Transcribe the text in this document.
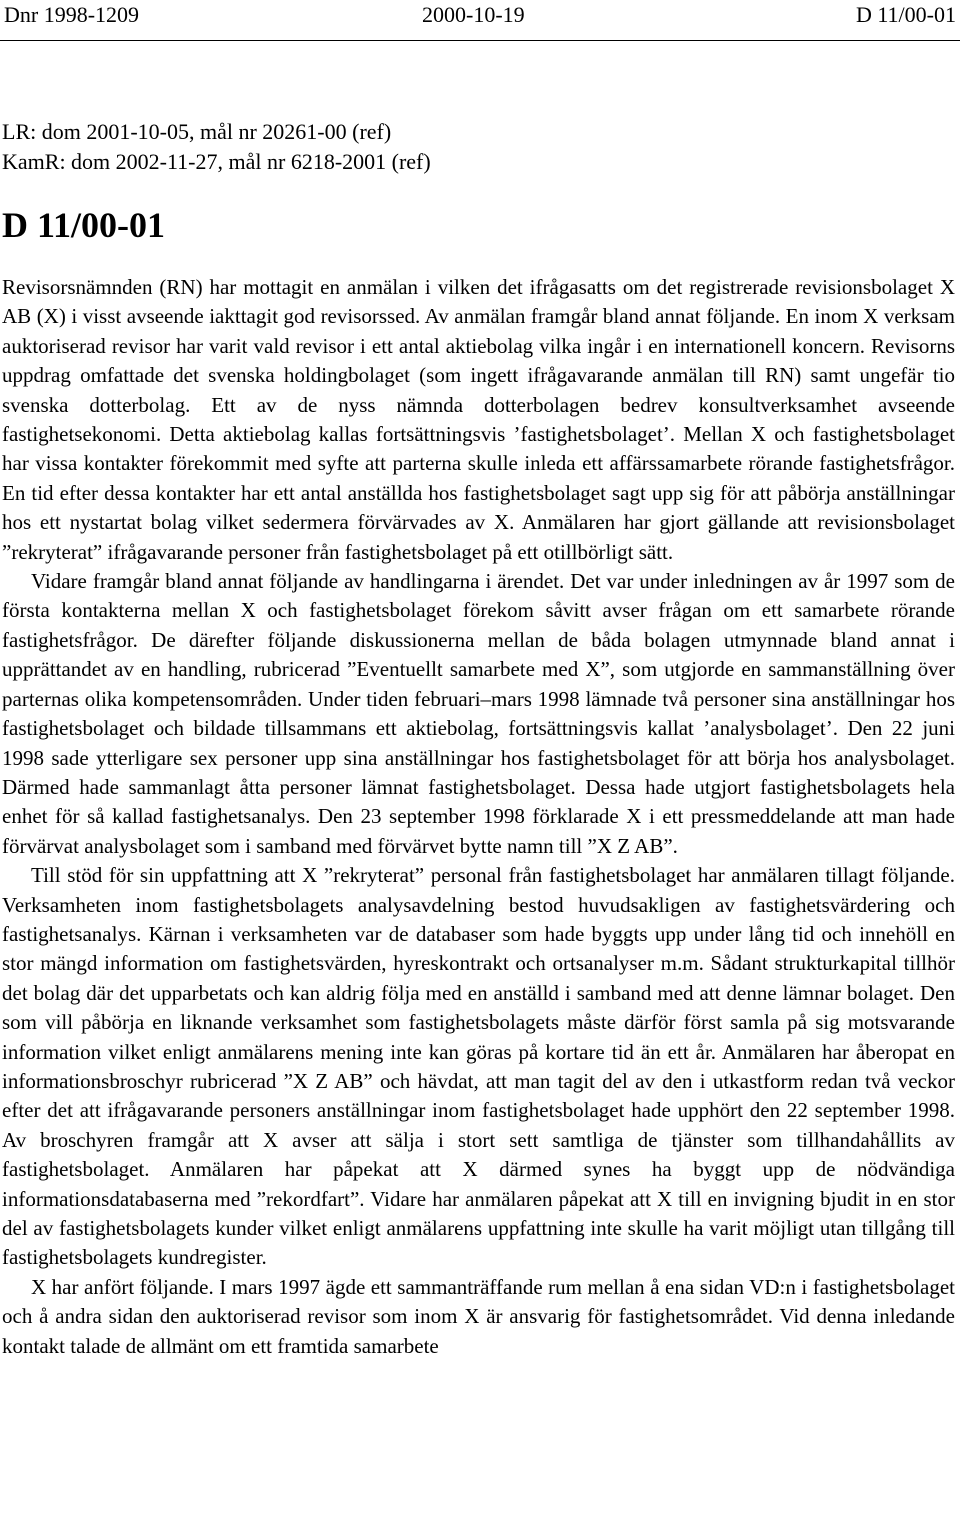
Dnr 1998-1209	2000-10-19	D 11/00-01
LR: dom 2001-10-05, mål nr 20261-00 (ref)
KamR: dom 2002-11-27, mål nr 6218-2001 (ref)
D 11/00-01

Revisorsnämnden (RN) har mottagit en anmälan i vilken det ifrågasatts om det registrerade revisionsbolaget X AB (X) i visst avseende iakttagit god revisorssed. Av anmälan framgår bland annat följande. En inom X verksam auktoriserad revisor har varit vald revisor i ett antal aktiebolag vilka ingår i en internationell koncern. Revisorns uppdrag omfattade det svenska holdingbolaget (som ingett ifrågavarande anmälan till RN) samt ungefär tio svenska dotterbolag. Ett av de nyss nämnda dotterbolagen bedrev konsultverksamhet avseende fastighetsekonomi. Detta aktiebolag kallas fortsättningsvis ’fastighetsbolaget’. Mellan X och fastighetsbolaget har vissa kontakter förekommit med syfte att parterna skulle inleda ett affärssamarbete rörande fastighetsfrågor. En tid efter dessa kontakter har ett antal anställda hos fastighetsbolaget sagt upp sig för att påbörja anställningar hos ett nystartat bolag vilket sedermera förvärvades av X. Anmälaren har gjort gällande att revisionsbolaget ”rekryterat” ifrågavarande personer från fastighetsbolaget på ett otillbörligt sätt.

Vidare framgår bland annat följande av handlingarna i ärendet. Det var under inledningen av år 1997 som de första kontakterna mellan X och fastighetsbolaget förekom såvitt avser frågan om ett samarbete rörande fastighetsfrågor. De därefter följande diskussionerna mellan de båda bolagen utmynnade bland annat i upprättandet av en handling, rubricerad ”Eventuellt samarbete med X”, som utgjorde en sammanställning över parternas olika kompetensområden. Under tiden februari–mars 1998 lämnade två personer sina anställningar hos fastighetsbolaget och bildade tillsammans ett aktiebolag, fortsättningsvis kallat ’analysbolaget’. Den 22 juni 1998 sade ytterligare sex personer upp sina anställningar hos fastighetsbolaget för att börja hos analysbolaget. Därmed hade sammanlagt åtta personer lämnat fastighetsbolaget. Dessa hade utgjort fastighetsbolagets hela enhet för så kallad fastighetsanalys. Den 23 september 1998 förklarade X i ett pressmeddelande att man hade förvärvat analysbolaget som i samband med förvärvet bytte namn till ”X Z AB”.

Till stöd för sin uppfattning att X ”rekryterat” personal från fastighetsbolaget har anmälaren tillagt följande. Verksamheten inom fastighetsbolagets analysavdelning bestod huvudsakligen av fastighetsvärdering och fastighetsanalys. Kärnan i verksamheten var de databaser som hade byggts upp under lång tid och innehöll en stor mängd information om fastighetsvärden, hyreskontrakt och ortsanalyser m.m. Sådant strukturkapital tillhör det bolag där det upparbetats och kan aldrig följa med en anställd i samband med att denne lämnar bolaget. Den som vill påbörja en liknande verksamhet som fastighetsbolagets måste därför först samla på sig motsvarande information vilket enligt anmälarens mening inte kan göras på kortare tid än ett år. Anmälaren har åberopat en informationsbroschyr rubricerad ”X Z AB” och hävdat, att man tagit del av den i utkastform redan två veckor efter det att ifrågavarande personers anställningar inom fastighetsbolaget hade upphört den 22 september 1998. Av broschyren framgår att X avser att sälja i stort sett samtliga de tjänster som tillhandahållits av fastighetsbolaget. Anmälaren har påpekat att X därmed synes ha byggt upp de nödvändiga informationsdatabaserna med ”rekordfart”. Vidare har anmälaren påpekat att X till en invigning bjudit in en stor del av fastighetsbolagets kunder vilket enligt anmälarens uppfattning inte skulle ha varit möjligt utan tillgång till fastighetsbolagets kundregister.

X har anfört följande. I mars 1997 ägde ett sammanträffande rum mellan å ena sidan VD:n i fastighetsbolaget och å andra sidan den auktoriserad revisor som inom X är ansvarig för fastighetsområdet. Vid denna inledande kontakt talade de allmänt om ett framtida samarbete
